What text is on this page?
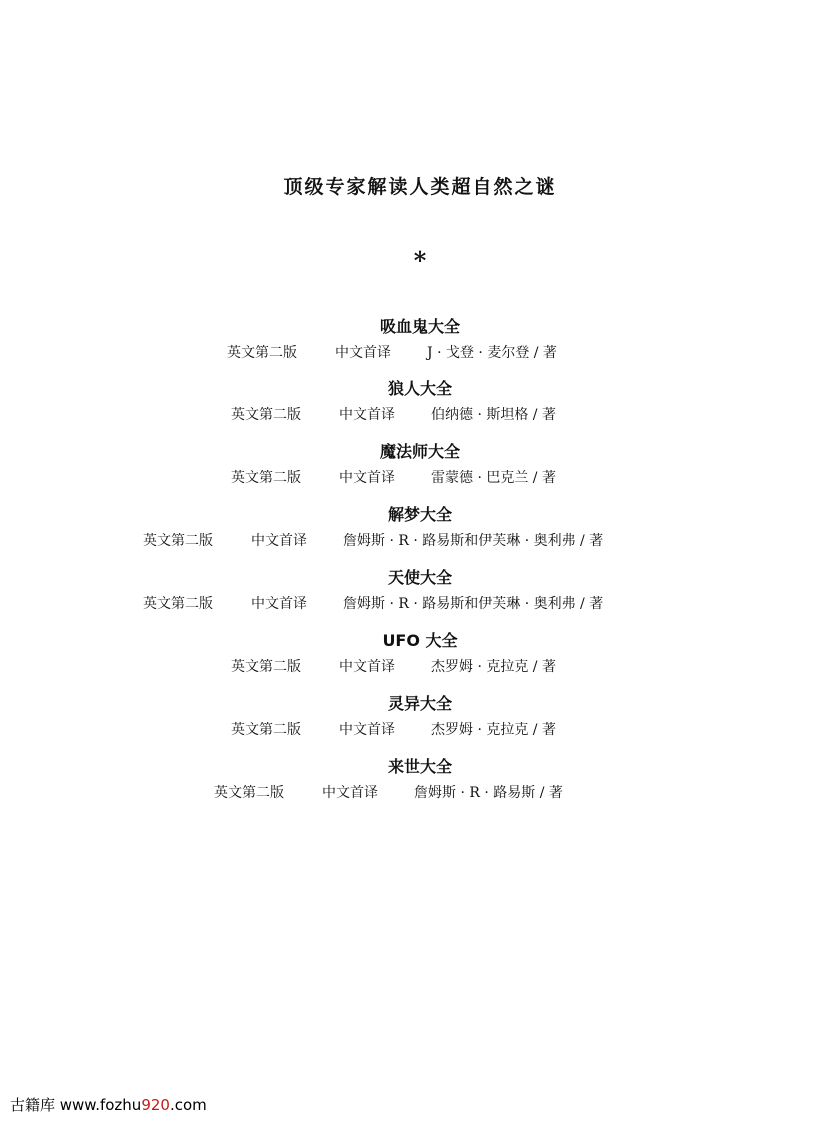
顶级专家解读人类超自然之谜
*
吸血鬼大全
英文第二版	中文首译	J · 戈登 · 麦尔登 / 著
狼人大全
英文第二版	中文首译	伯纳德 · 斯坦格 / 著
魔法师大全
英文第二版	中文首译	雷蒙德 · 巴克兰 / 著
解梦大全
英文第二版	中文首译	詹姆斯 · R · 路易斯和伊芙琳 · 奥利弗 / 著
天使大全
英文第二版	中文首译	詹姆斯 · R · 路易斯和伊芙琳 · 奥利弗 / 著
UFO 大全
英文第二版	中文首译	杰罗姆 · 克拉克 / 著
灵异大全
英文第二版	中文首译	杰罗姆 · 克拉克 / 著
来世大全
英文第二版	中文首译	詹姆斯 · R · 路易斯 / 著
古籍库 www.fozhu920.com
